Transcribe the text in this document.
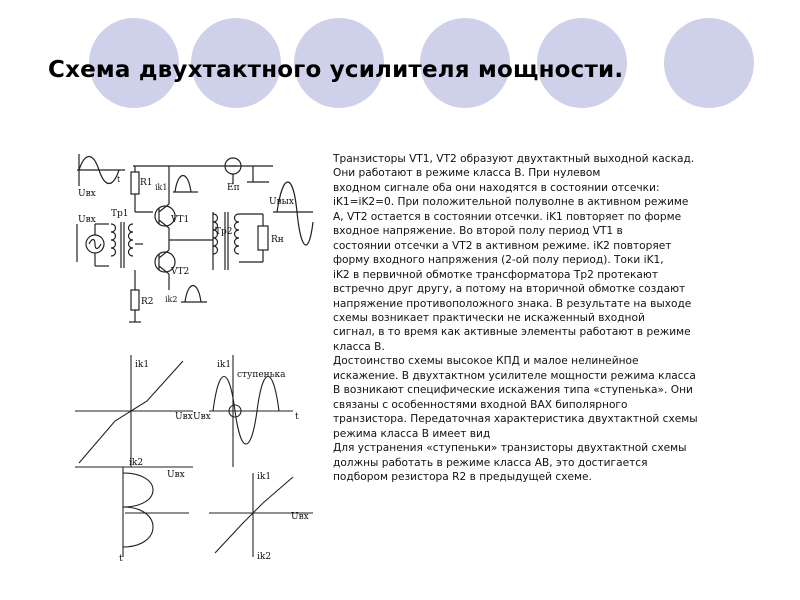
Схема двухтактного усилителя мощности.
Транзисторы VT1, VT2 образуют двухтактный выходной каскад.
Они работают в режиме класса B. При нулевом
входном сигнале оба они находятся в состоянии отсечки:
iK1=iK2=0. При положительной полуволне в активном режиме
А, VT2 остается в состоянии отсечки. iK1 повторяет по форме
входное напряжение. Во второй полу период VT1 в
состоянии отсечки а VT2 в активном режиме. iK2 повторяет
форму входного напряжения (2-ой полу период). Токи iK1,
iK2 в первичной обмотке трансформатора Тр2 протекают
встречно друг другу, а потому на вторичной обмотке создают
напряжение противоположного знака. В результате на выходе
схемы возникает практически не искаженный входной
сигнал, в то время как активные элементы работают в режиме
класса B.
Достоинство схемы высокое КПД и малое нелинейное
искажение. В двухтактном усилителе мощности режима класса
B возникают специфические искажения типа «ступенька». Они
связаны с особенностями входной ВАХ биполярного
транзистора. Передаточная характеристика двухтактной схемы
режима класса B имеет вид
Для устранения «ступеньки» транзисторы двухтактной схемы
должны работать в режиме класса AB, это достигается
подбором резистора R2 в предыдущей схеме.
Uвх
t R1 ik1	Eп
Uвх
Tp1
VT1
VT2
Tp2
Uвых
Rн
R2 ik2
ik1
Uвх
ik2
ik1
ступенька
Uвх	t
Uвх
t
ik1
Uвх
ik2
